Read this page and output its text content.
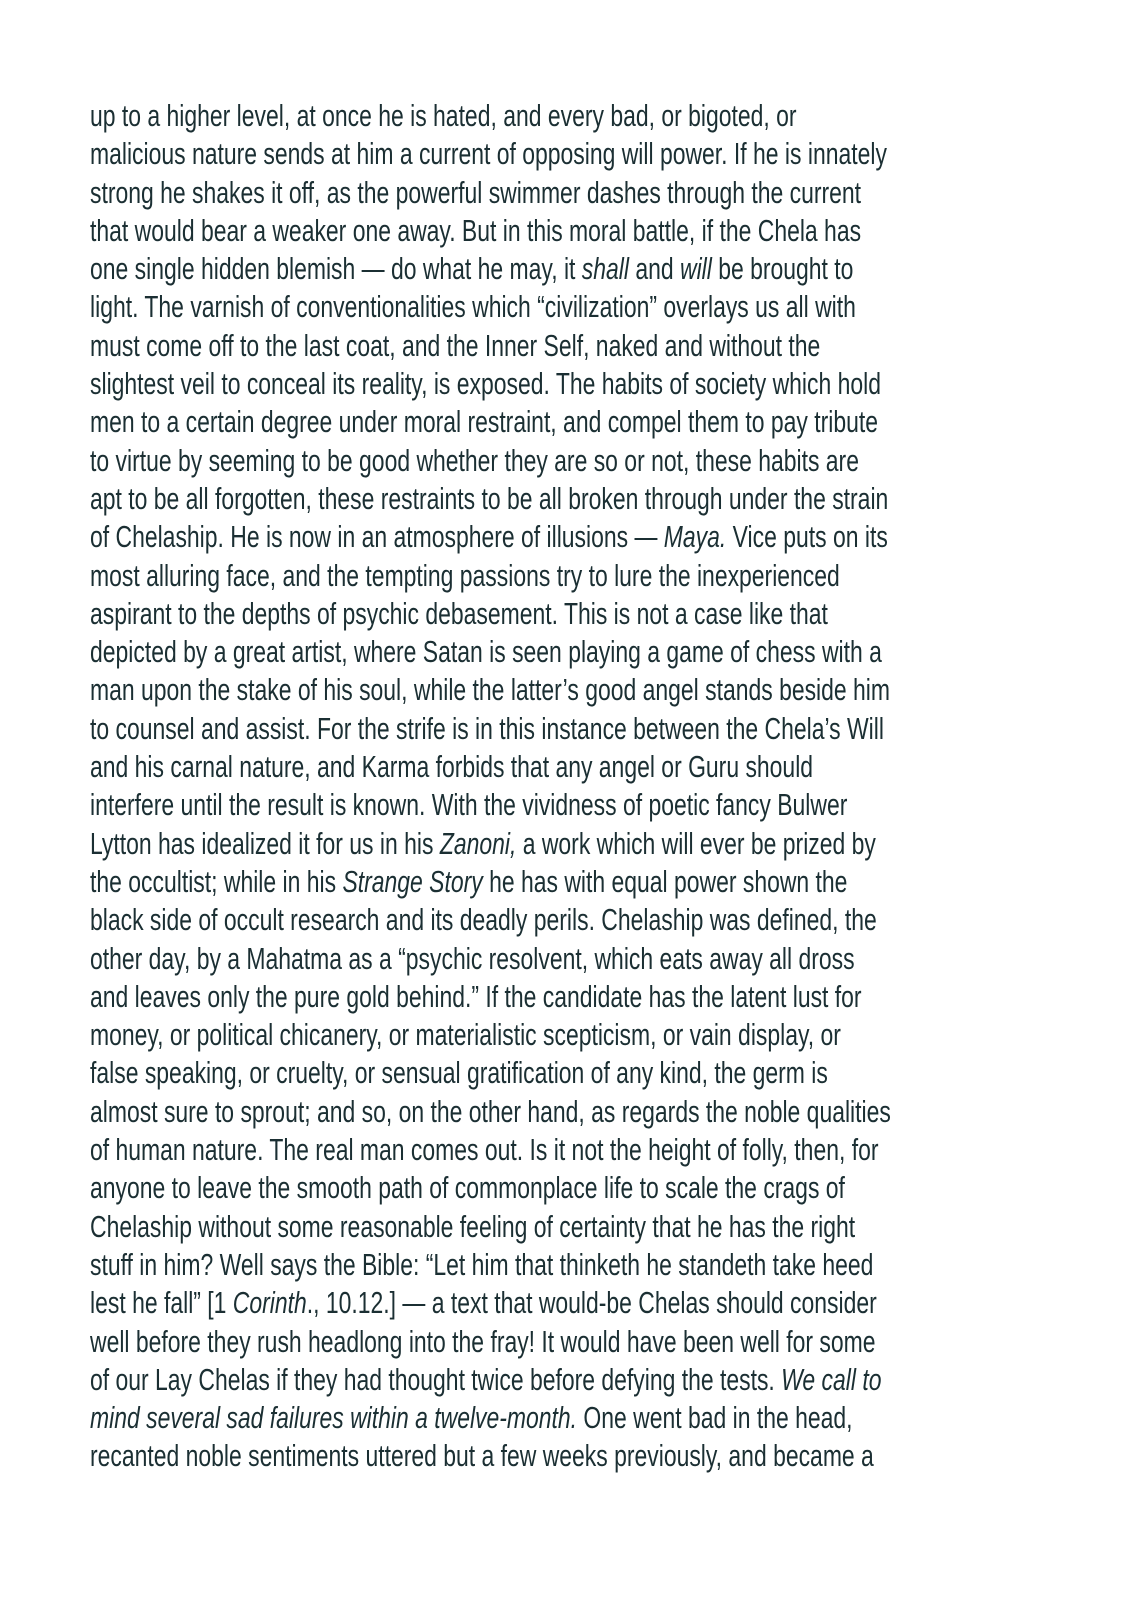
up to a higher level, at once he is hated, and every bad, or bigoted, or
malicious nature sends at him a current of opposing will power. If he is innately
strong he shakes it off, as the powerful swimmer dashes through the current
that would bear a weaker one away. But in this moral battle, if the Chela has
one single hidden blemish — do what he may, it shall and will be brought to
light. The varnish of conventionalities which “civilization” overlays us all with
must come off to the last coat, and the Inner Self, naked and without the
slightest veil to conceal its reality, is exposed. The habits of society which hold
men to a certain degree under moral restraint, and compel them to pay tribute
to virtue by seeming to be good whether they are so or not, these habits are
apt to be all forgotten, these restraints to be all broken through under the strain
of Chelaship. He is now in an atmosphere of illusions — Maya. Vice puts on its
most alluring face, and the tempting passions try to lure the inexperienced
aspirant to the depths of psychic debasement. This is not a case like that
depicted by a great artist, where Satan is seen playing a game of chess with a
man upon the stake of his soul, while the latter’s good angel stands beside him
to counsel and assist. For the strife is in this instance between the Chela’s Will
and his carnal nature, and Karma forbids that any angel or Guru should
interfere until the result is known. With the vividness of poetic fancy Bulwer
Lytton has idealized it for us in his Zanoni, a work which will ever be prized by
the occultist; while in his Strange Story he has with equal power shown the
black side of occult research and its deadly perils. Chelaship was defined, the
other day, by a Mahatma as a “psychic resolvent, which eats away all dross
and leaves only the pure gold behind.” If the candidate has the latent lust for
money, or political chicanery, or materialistic scepticism, or vain display, or
false speaking, or cruelty, or sensual gratification of any kind, the germ is
almost sure to sprout; and so, on the other hand, as regards the noble qualities
of human nature. The real man comes out. Is it not the height of folly, then, for
anyone to leave the smooth path of commonplace life to scale the crags of
Chelaship without some reasonable feeling of certainty that he has the right
stuff in him? Well says the Bible: “Let him that thinketh he standeth take heed
lest he fall” [1 Corinth., 10.12.] — a text that would-be Chelas should consider
well before they rush headlong into the fray! It would have been well for some
of our Lay Chelas if they had thought twice before defying the tests. We call to
mind several sad failures within a twelve-month. One went bad in the head,
recanted noble sentiments uttered but a few weeks previously, and became a
